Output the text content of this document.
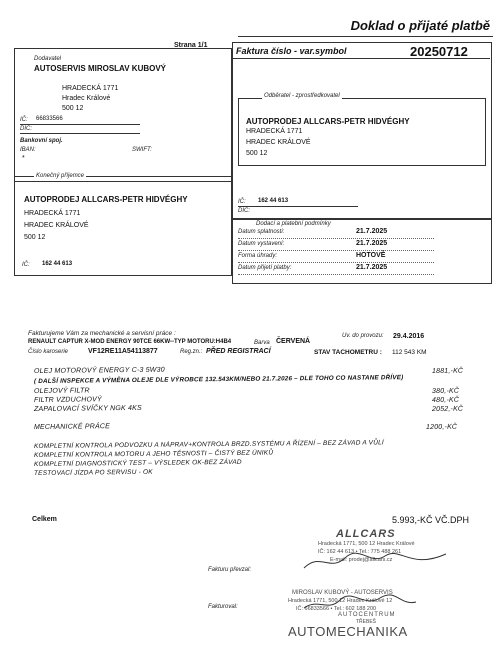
Doklad o přijaté platbě
Strana 1/1
Dodavatel
AUTOSERVIS MIROSLAV KUBOVÝ
HRADECKÁ 1771
Hradec Králové
500 12
IČ: 66833566
DIČ:
Bankovní spoj.
IBAN:	SWIFT:
*
Faktura číslo - var.symbol	20250712
Odběratel - zprostředkovatel
AUTOPRODEJ ALLCARS-PETR HIDVÉGHY
HRADECKÁ 1771
HRADEC KRÁLOVÉ
500 12
IČ: 162 44 613
DIČ:
Konečný příjemce
AUTOPRODEJ ALLCARS-PETR HIDVÉGHY
HRADECKÁ 1771
HRADEC KRÁLOVÉ
500 12
IČ: 162 44 613
Dodací a platební podmínky
Datum splatnosti:	21.7.2025
Datum vystavení:	21.7.2025
Forma úhrady:	HOTOVĚ
Datum přijetí platby:	21.7.2025
Fakturujeme Vám za mechanické a servisní práce :
RENAULT CAPTUR X-MOD ENERGY 90TCE 66KW--TYP MOTORU:H4B4	Barva ČERVENÁ
Uv. do provozu: 29.4.2016
Číslo karoserie	VF12RE11A54113877	Reg.zn.: PŘED REGISTRACÍ	STAV TACHOMETRU : 112 543 KM
OLEJ MOTOROVÝ ENERGY C-3 5W30	1881,-KČ
( DALŠÍ INSPEKCE A VÝMĚNA OLEJE DLE VÝROBCE 132.543KM/NEBO 21.7.2026 – DLE TOHO CO NASTANE DŘÍVE)
OLEJOVÝ FILTR	380,-KČ
FILTR VZDUCHOVÝ	480,-KČ
ZAPALOVACÍ SVÍČKY NGK 4KS	2052,-KČ
MECHANICKÉ PRÁCE	1200,-KČ
KOMPLETNÍ KONTROLA PODVOZKU A NÁPRAV+KONTROLA BRZD.SYSTÉMU A ŘÍZENÍ – BEZ ZÁVAD A VŮLÍ
KOMPLETNÍ KONTROLA MOTORU A JEHO TĚSNOSTI – ČISTÝ BEZ ÚNIKŮ
KOMPLETNÍ DIAGNOSTICKÝ TEST – VÝSLEDEK OK-BEZ ZÁVAD
TESTOVACÍ JÍZDA PO SERVISU - OK
Celkem	5.993,-KČ VČ.DPH
ALLCARS
Hradecká 1771, 500 12 Hradec Králové
IČ: 162 44 613 • Tel.: 775 488 261
E-mail: prodej@allcars.cz
Fakturu převzal:
MIROSLAV KUBOVÝ - AUTOSERVIS
Hradecká 1771, 500 12 Hradec Králové 12
IČ: 66833566 • Tel.: 602 188 200
AUTOCENTRUM
TŘEBEŠ
AUTOMECHANIKA
Fakturoval:
